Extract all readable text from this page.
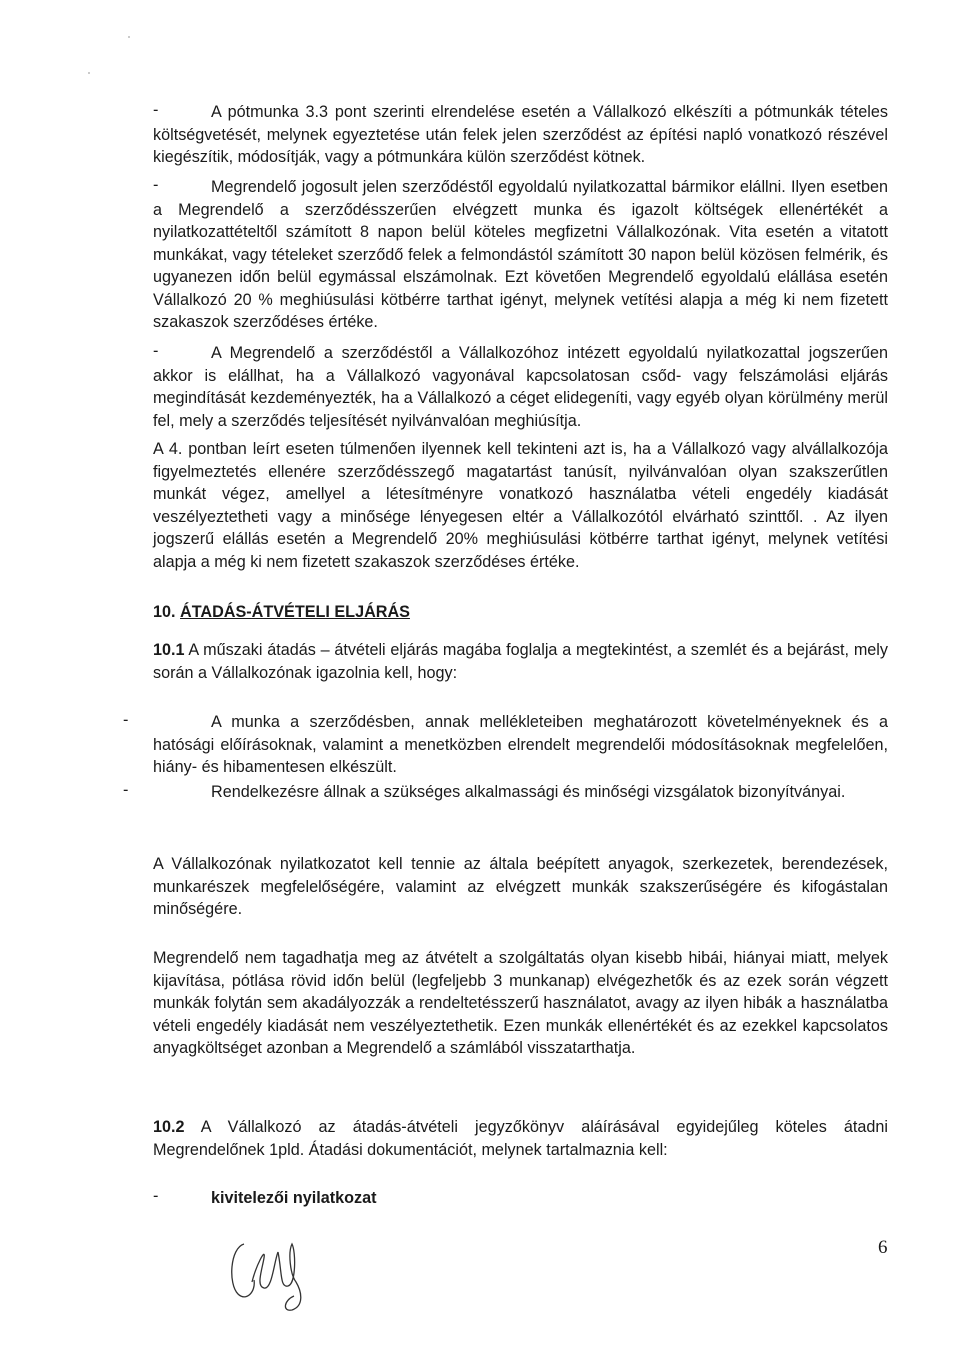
-	A pótmunka 3.3 pont szerinti elrendelése esetén a Vállalkozó elkészíti a pótmunkák tételes költségvetését, melynek egyeztetése után felek jelen szerződést az építési napló vonatkozó részével kiegészítik, módosítják, vagy a pótmunkára külön szerződést kötnek.
-	Megrendelő jogosult jelen szerződéstől egyoldalú nyilatkozattal bármikor elállni. Ilyen esetben a Megrendelő a szerződésszerűen elvégzett munka és igazolt költségek ellenértékét a nyilatkozattételtől számított 8 napon belül köteles megfizetni Vállalkozónak. Vita esetén a vitatott munkákat, vagy tételeket szerződő felek a felmondástól számított 30 napon belül közösen felmérik, és ugyanezen időn belül egymással elszámolnak. Ezt követően Megrendelő egyoldalú elállása esetén Vállalkozó 20 % meghiúsulási kötbérre tarthat igényt, melynek vetítési alapja a még ki nem fizetett szakaszok szerződéses értéke.
-	A Megrendelő a szerződéstől a Vállalkozóhoz intézett egyoldalú nyilatkozattal jogszerűen akkor is elállhat, ha a Vállalkozó vagyonával kapcsolatosan csőd- vagy felszámolási eljárás megindítását kezdeményezték, ha a Vállalkozó a céget elidegeníti, vagy egyéb olyan körülmény merül fel, mely a szerződés teljesítését nyilvánvalóan meghiúsítja.
A 4. pontban leírt eseten túlmenően ilyennek kell tekinteni azt is, ha a Vállalkozó vagy alvállalkozója figyelmeztetés ellenére szerződésszegő magatartást tanúsít, nyilvánvalóan olyan szakszerűtlen munkát végez, amellyel a létesítményre vonatkozó használatba vételi engedély kiadását veszélyeztetheti vagy a minősége lényegesen eltér a Vállalkozótól elvárható szinttől. . Az ilyen jogszerű elállás esetén a Megrendelő 20% meghiúsulási kötbérre tarthat igényt, melynek vetítési alapja a még ki nem fizetett szakaszok szerződéses értéke.
10. ÁTADÁS-ÁTVÉTELI ELJÁRÁS
10.1 A műszaki átadás – átvételi eljárás magába foglalja a megtekintést, a szemlét és a bejárást, mely során a Vállalkozónak igazolnia kell, hogy:
-	A munka a szerződésben, annak mellékleteiben meghatározott követelményeknek és a hatósági előírásoknak, valamint a menetközben elrendelt megrendelői módosításoknak megfelelően, hiány- és hibamentesen elkészült.
-	Rendelkezésre állnak a szükséges alkalmassági és minőségi vizsgálatok bizonyítványai.
A Vállalkozónak nyilatkozatot kell tennie az általa beépített anyagok, szerkezetek, berendezések, munkarészek megfelelőségére, valamint az elvégzett munkák szakszerűségére és kifogástalan minőségére.
Megrendelő nem tagadhatja meg az átvételt a szolgáltatás olyan kisebb hibái, hiányai miatt, melyek kijavítása, pótlása rövid időn belül (legfeljebb 3 munkanap) elvégezhetők és az ezek során végzett munkák folytán sem akadályozzák a rendeltetésszerű használatot, avagy az ilyen hibák a használatba vételi engedély kiadását nem veszélyeztethetik. Ezen munkák ellenértékét és az ezekkel kapcsolatos anyagköltséget azonban a Megrendelő a számlából visszatarthatja.
10.2 A Vállalkozó az átadás-átvételi jegyzőkönyv aláírásával egyidejűleg köteles átadni Megrendelőnek 1pld. Átadási dokumentációt, melynek tartalmaznia kell:
-	kivitelezői nyilatkozat
6
